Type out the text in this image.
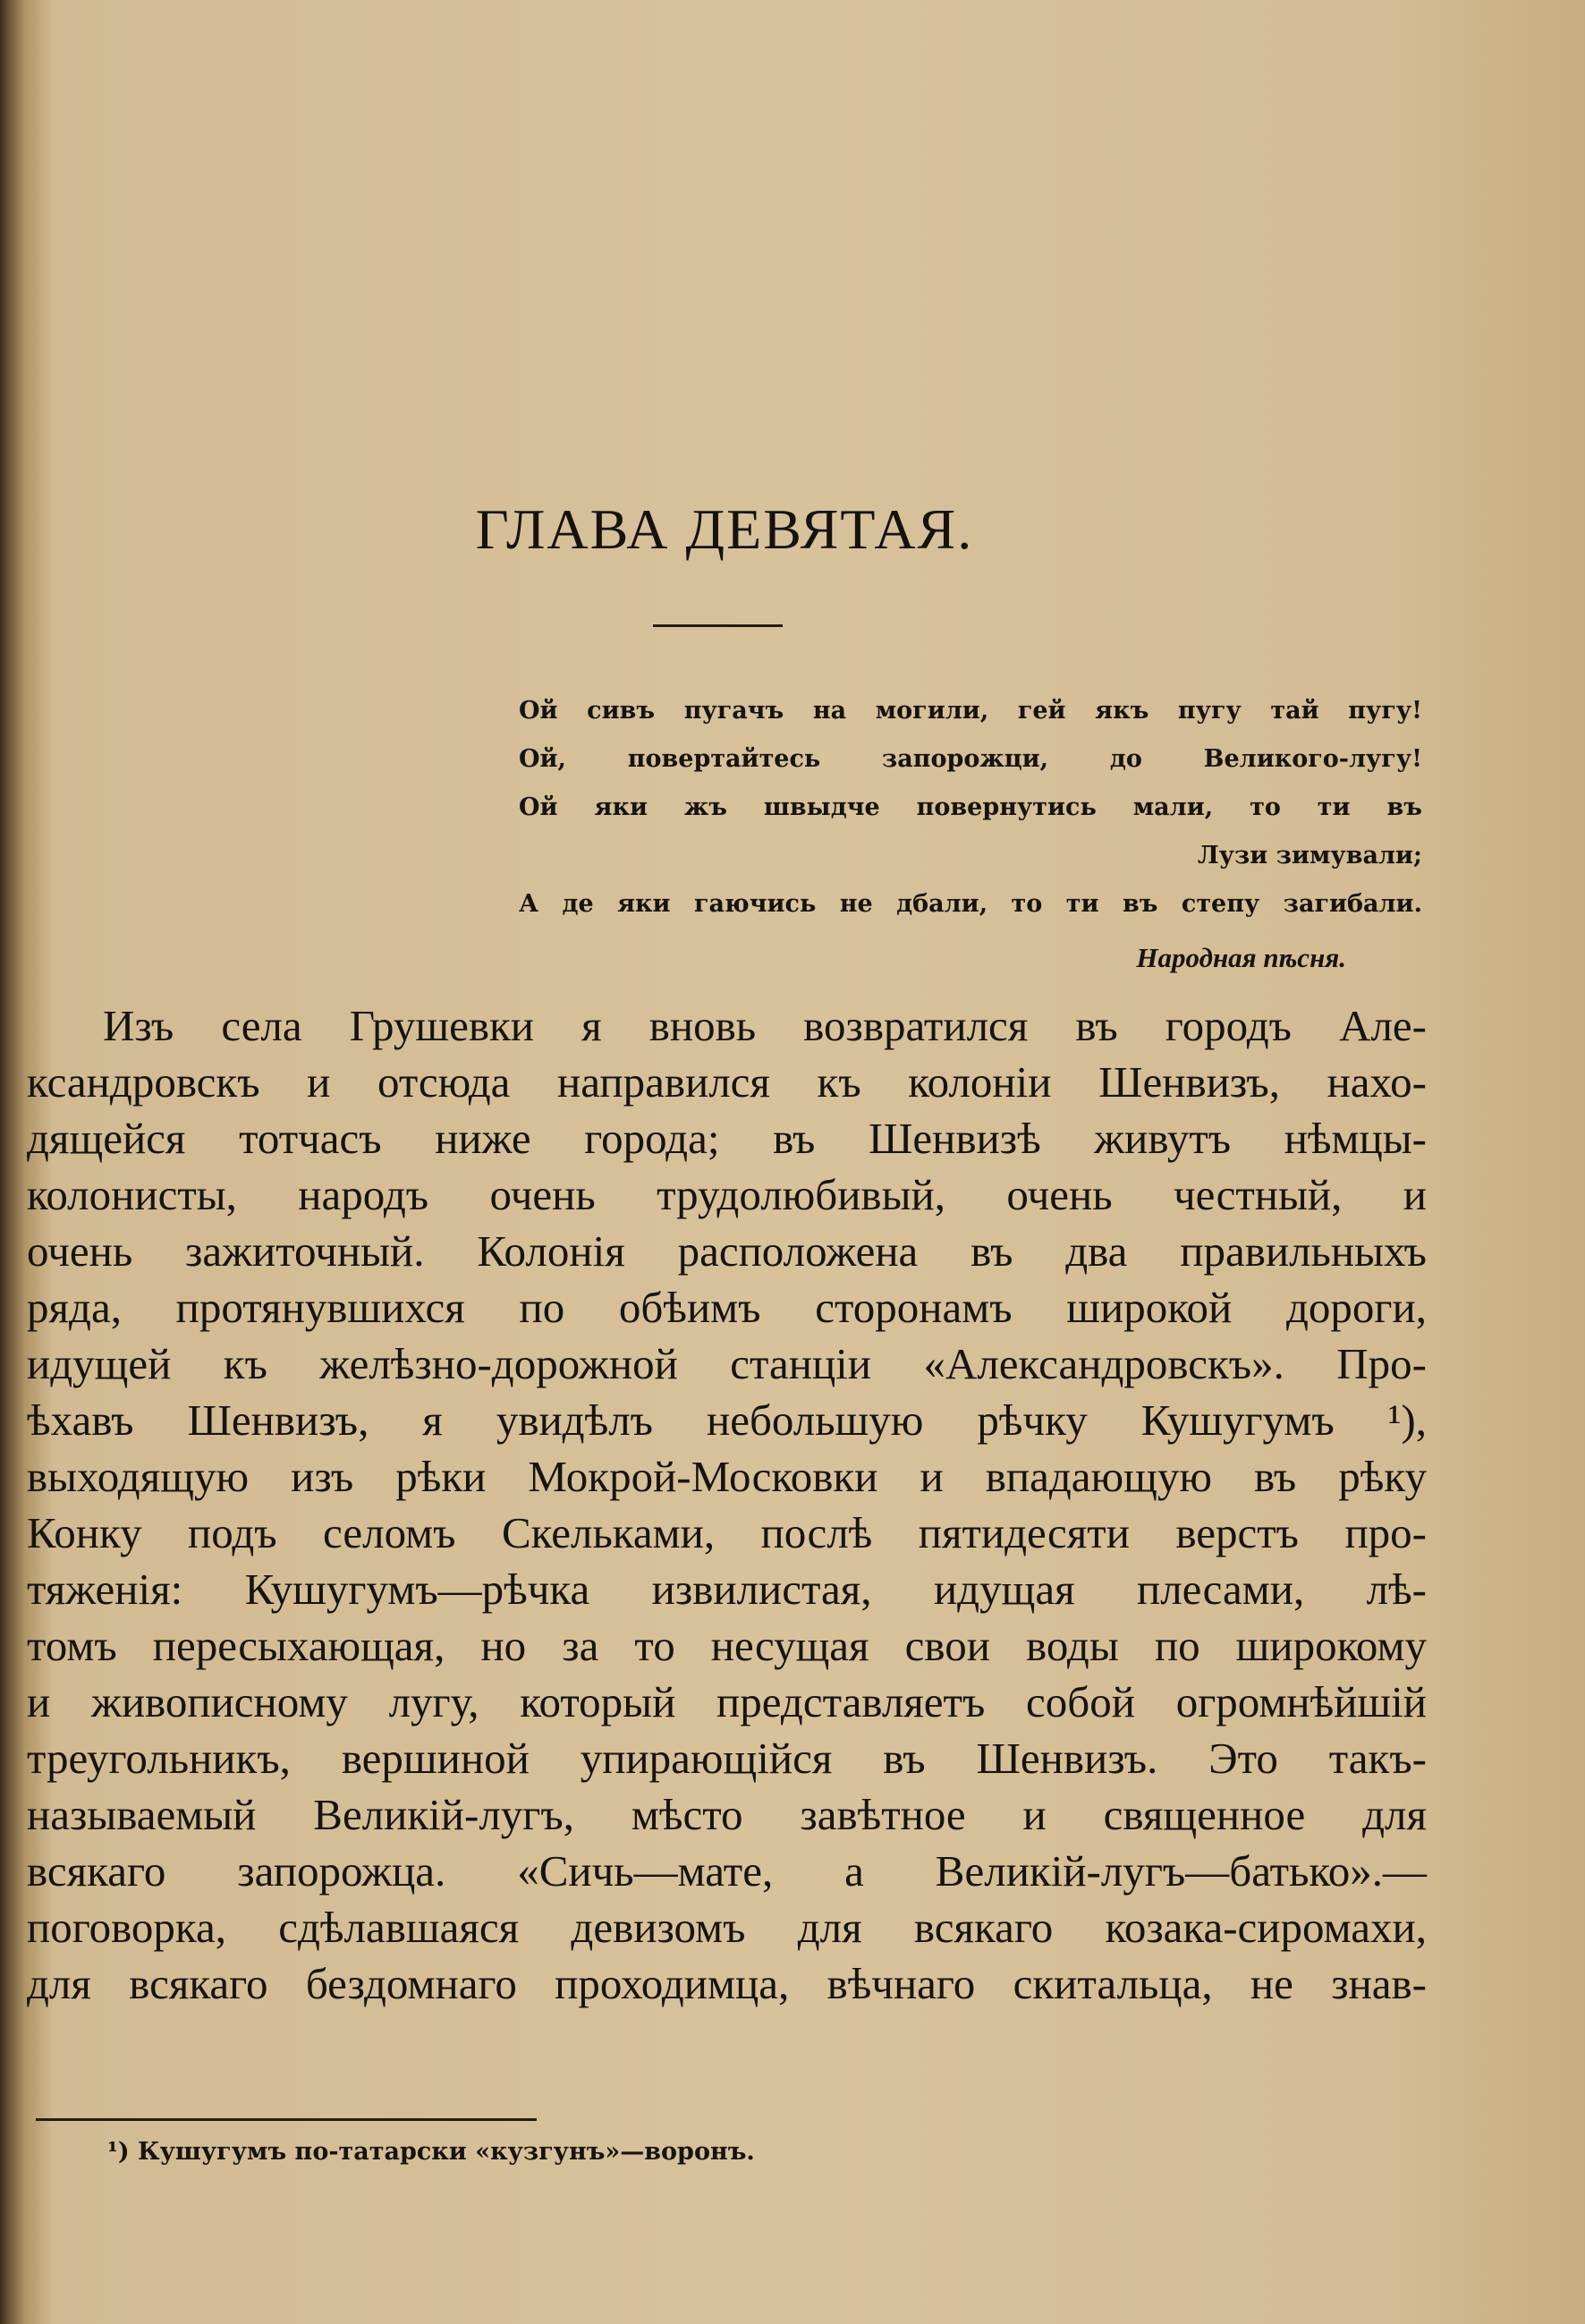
ГЛАВА ДЕВЯТАЯ.
Ой сивъ пугачъ на могили, гей якъ пугу тай пугу!
Ой, повертайтесь запорожци, до Великого-лугу!
Ой яки жъ швыдче повернутись мали, то ти въ
Лузи зимували;
А де яки гаючись не дбали, то ти въ степу загибали.
Народная пѣсня.
Изъ села Грушевки я вновь возвратился въ городъ Але-
ксандровскъ и отсюда направился къ колоніи Шенвизъ, нахо-
дящейся тотчасъ ниже города; въ Шенвизѣ живутъ нѣмцы-
колонисты, народъ очень трудолюбивый, очень честный, и
очень зажиточный. Колонія расположена въ два правильныхъ
ряда, протянувшихся по обѣимъ сторонамъ широкой дороги,
идущей къ желѣзно-дорожной станціи «Александровскъ». Про-
ѣхавъ Шенвизъ, я увидѣлъ небольшую рѣчку Кушугумъ ¹),
выходящую изъ рѣки Мокрой-Московки и впадающую въ рѣку
Конку подъ селомъ Скельками, послѣ пятидесяти верстъ про-
тяженія: Кушугумъ—рѣчка извилистая, идущая плесами, лѣ-
томъ пересыхающая, но за то несущая свои воды по широкому
и живописному лугу, который представляетъ собой огромнѣйшій
треугольникъ, вершиной упирающійся въ Шенвизъ. Это такъ-
называемый Великій-лугъ, мѣсто завѣтное и священное для
всякаго запорожца. «Сичь—мате, а Великій-лугъ—батько».—
поговорка, сдѣлавшаяся девизомъ для всякаго козака-сиромахи,
для всякаго бездомнаго проходимца, вѣчнаго скитальца, не знав-
¹) Кушугумъ по-татарски «кузгунъ»—воронъ.
